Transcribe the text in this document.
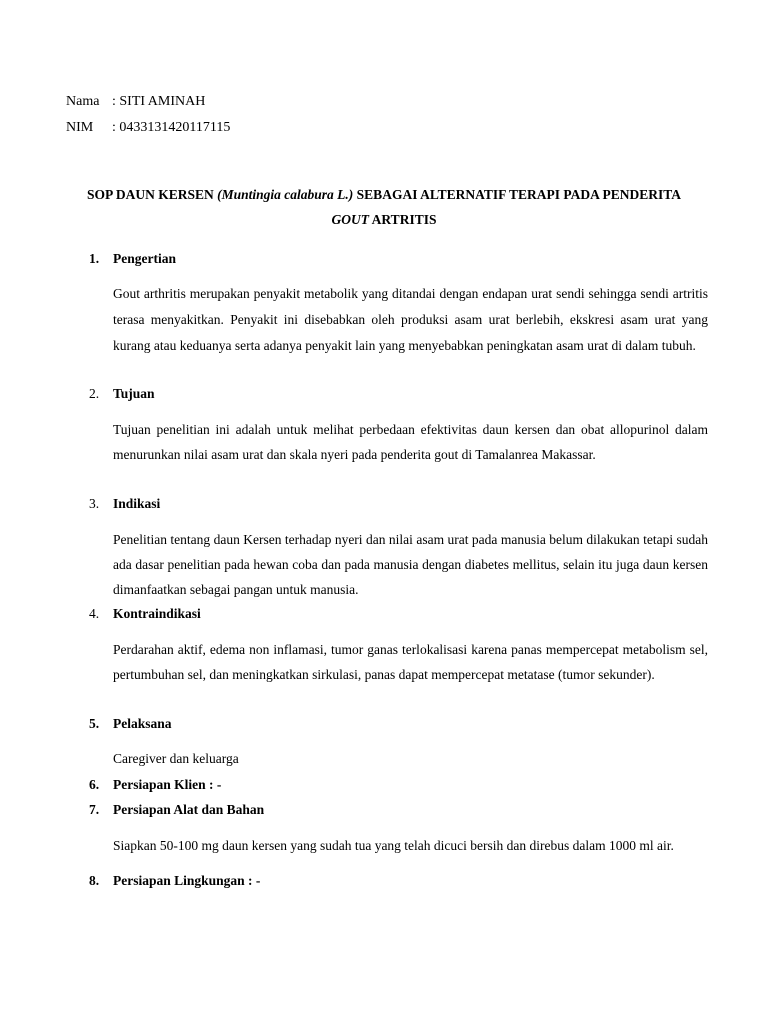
Nama : SITI AMINAH
NIM : 0433131420117115
SOP DAUN KERSEN (Muntingia calabura L.) SEBAGAI ALTERNATIF TERAPI PADA PENDERITA
GOUT ARTRITIS
1. Pengertian
Gout arthritis merupakan penyakit metabolik yang ditandai dengan endapan urat sendi sehingga sendi artritis terasa menyakitkan. Penyakit ini disebabkan oleh produksi asam urat berlebih, ekskresi asam urat yang kurang atau keduanya serta adanya penyakit lain yang menyebabkan peningkatan asam urat di dalam tubuh.
2. Tujuan
Tujuan penelitian ini adalah untuk melihat perbedaan efektivitas daun kersen dan obat allopurinol dalam menurunkan nilai asam urat dan skala nyeri pada penderita gout di Tamalanrea Makassar.
3. Indikasi
Penelitian tentang daun Kersen terhadap nyeri dan nilai asam urat pada manusia belum dilakukan tetapi sudah ada dasar penelitian pada hewan coba dan pada manusia dengan diabetes mellitus, selain itu juga daun kersen dimanfaatkan sebagai pangan untuk manusia.
4. Kontraindikasi
Perdarahan aktif, edema non inflamasi, tumor ganas terlokalisasi karena panas mempercepat metabolism sel, pertumbuhan sel, dan meningkatkan sirkulasi, panas dapat mempercepat metatase (tumor sekunder).
5. Pelaksana
Caregiver dan keluarga
6. Persiapan Klien : -
7. Persiapan Alat dan Bahan
Siapkan 50-100 mg daun kersen yang sudah tua yang telah dicuci bersih dan direbus dalam 1000 ml air.
8. Persiapan Lingkungan : -
